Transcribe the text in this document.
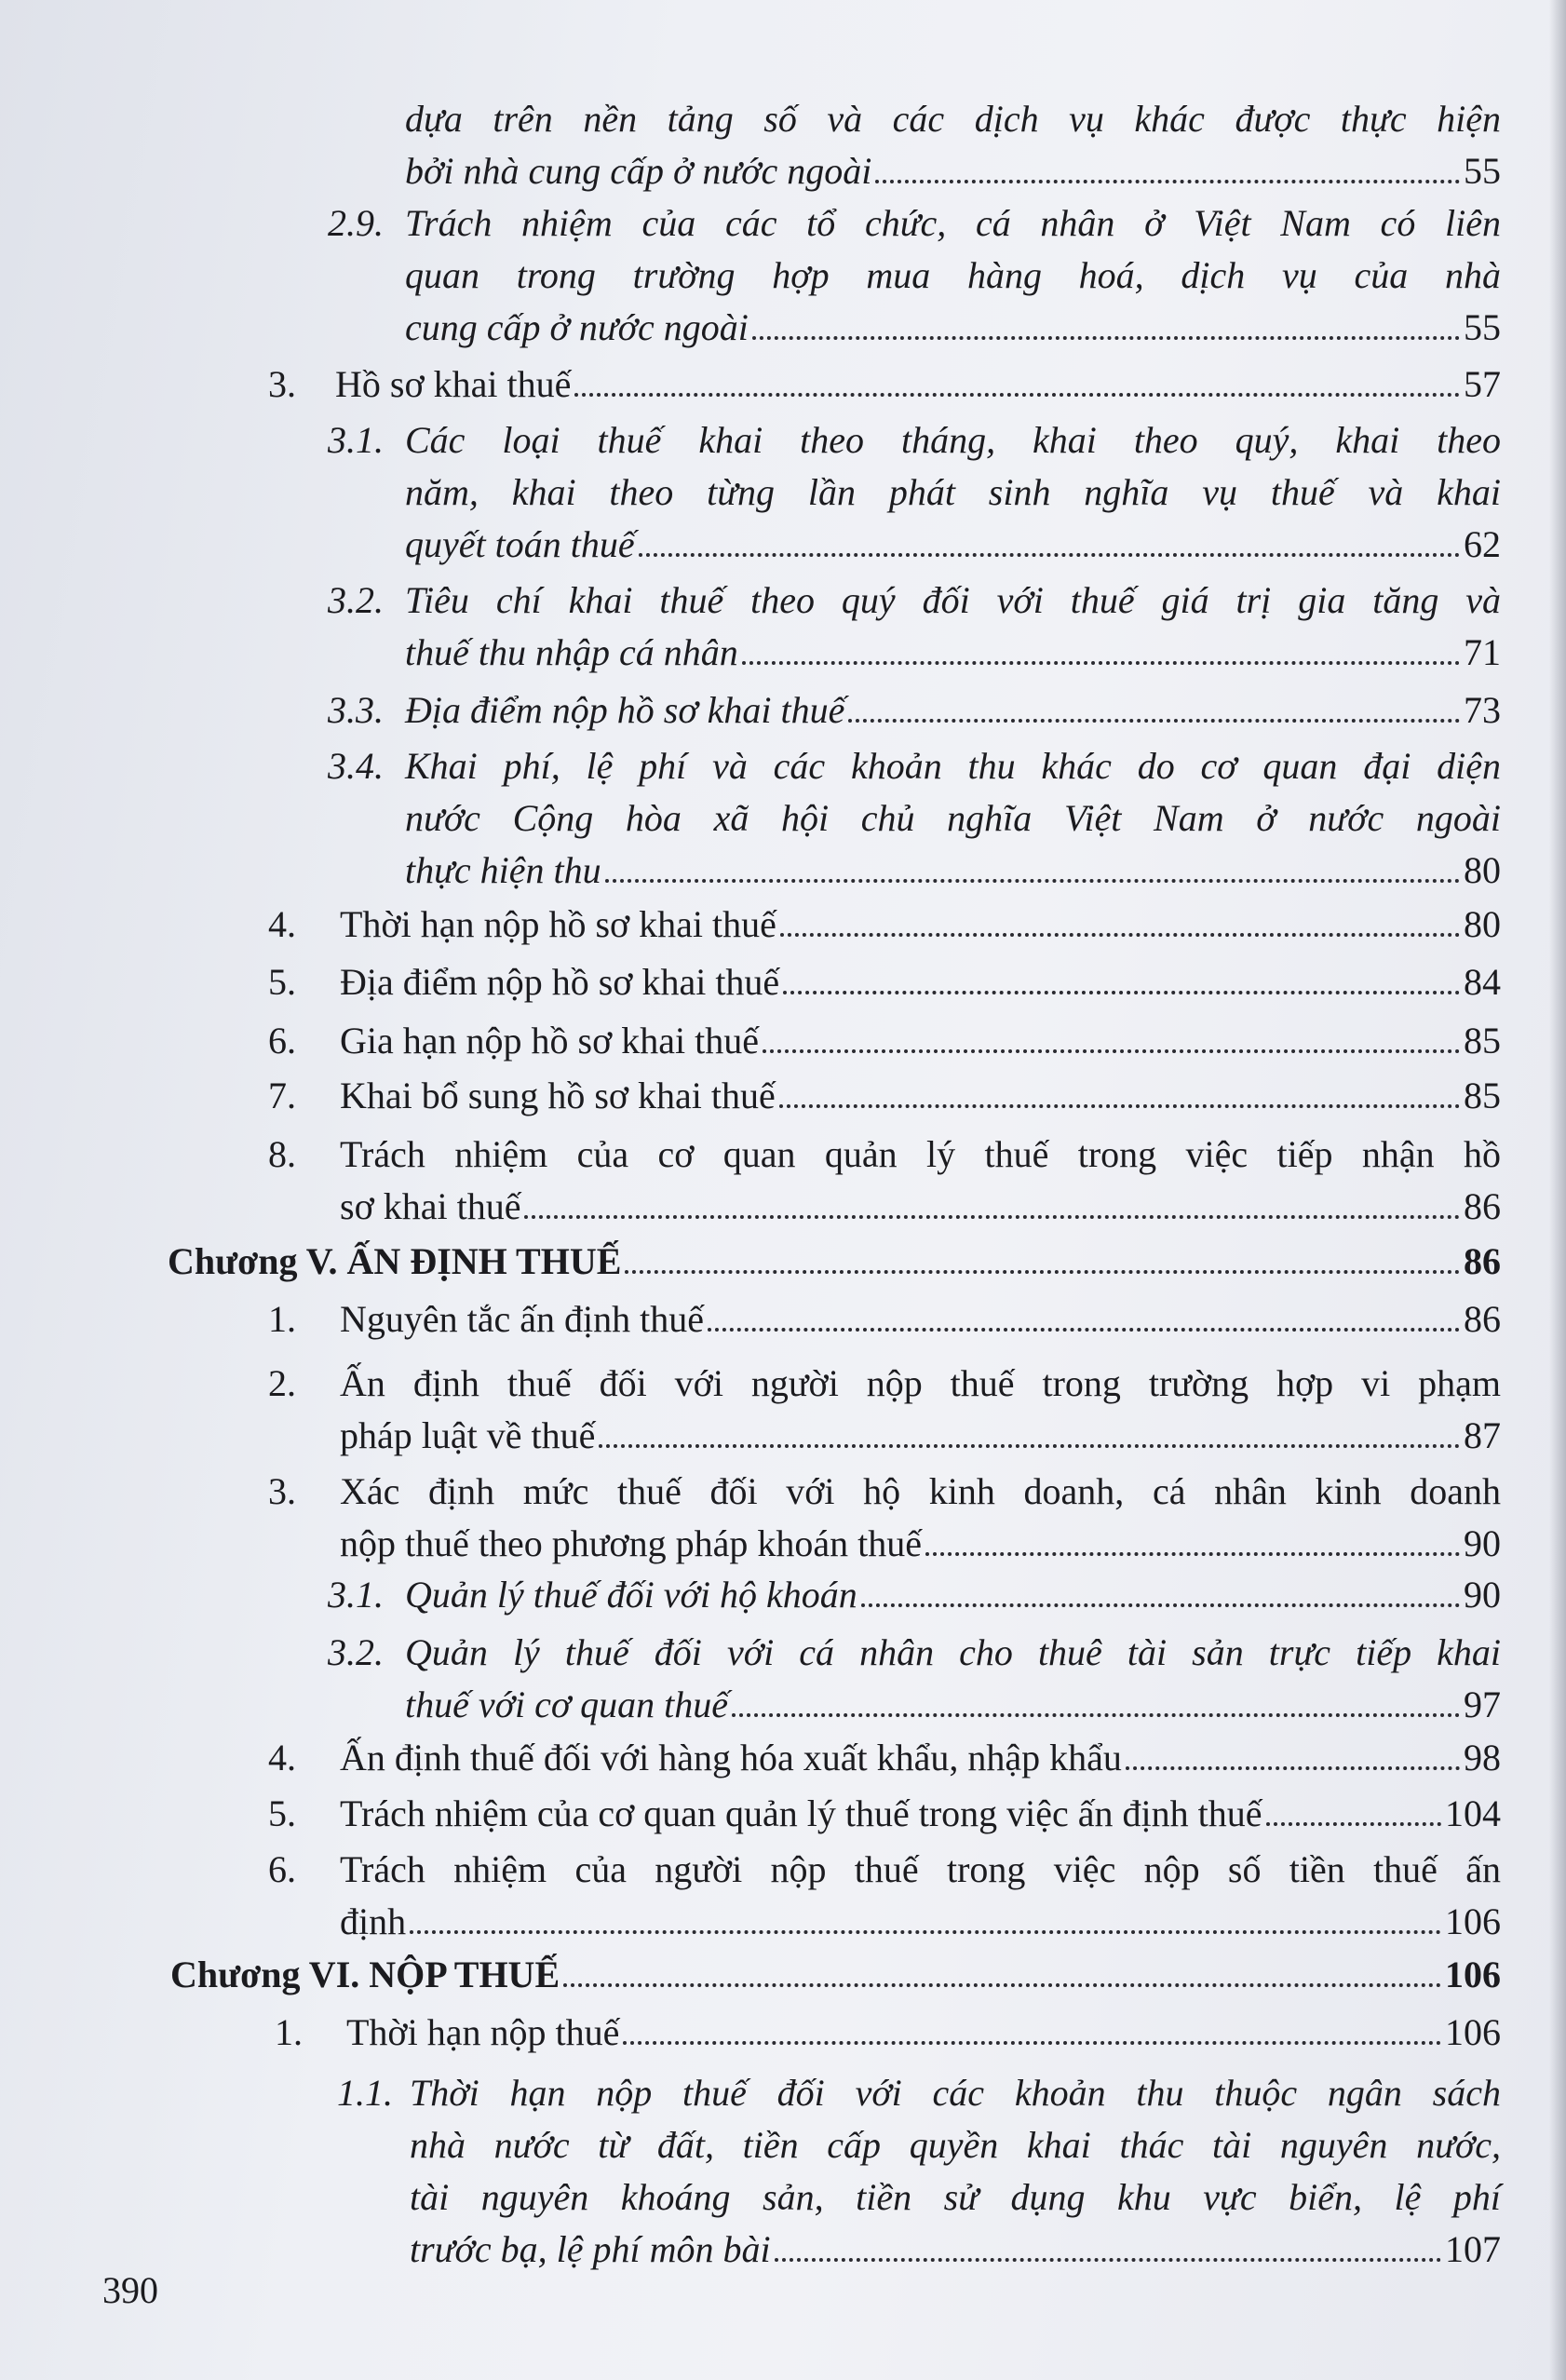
dựa trên nền tảng số và các dịch vụ khác được thực hiện
bởi nhà cung cấp ở nước ngoài	55
2.9. Trách nhiệm của các tổ chức, cá nhân ở Việt Nam có liên
quan trong trường hợp mua hàng hoá, dịch vụ của nhà
cung cấp ở nước ngoài	55
3. Hồ sơ khai thuế	57
3.1. Các loại thuế khai theo tháng, khai theo quý, khai theo
năm, khai theo từng lần phát sinh nghĩa vụ thuế và khai
quyết toán thuế	62
3.2. Tiêu chí khai thuế theo quý đối với thuế giá trị gia tăng và
thuế thu nhập cá nhân	71
3.3. Địa điểm nộp hồ sơ khai thuế	73
3.4. Khai phí, lệ phí và các khoản thu khác do cơ quan đại diện
nước Cộng hòa xã hội chủ nghĩa Việt Nam ở nước ngoài
thực hiện thu	80
4. Thời hạn nộp hồ sơ khai thuế	80
5. Địa điểm nộp hồ sơ khai thuế	84
6. Gia hạn nộp hồ sơ khai thuế	85
7. Khai bổ sung hồ sơ khai thuế	85
8. Trách nhiệm của cơ quan quản lý thuế trong việc tiếp nhận hồ
sơ khai thuế	86
Chương V. ẤN ĐỊNH THUẾ	86
1. Nguyên tắc ấn định thuế	86
2. Ấn định thuế đối với người nộp thuế trong trường hợp vi phạm
pháp luật về thuế	87
3. Xác định mức thuế đối với hộ kinh doanh, cá nhân kinh doanh
nộp thuế theo phương pháp khoán thuế	90
3.1. Quản lý thuế đối với hộ khoán	90
3.2. Quản lý thuế đối với cá nhân cho thuê tài sản trực tiếp khai
thuế với cơ quan thuế	97
4. Ấn định thuế đối với hàng hóa xuất khẩu, nhập khẩu	98
5. Trách nhiệm của cơ quan quản lý thuế trong việc ấn định thuế	104
6. Trách nhiệm của người nộp thuế trong việc nộp số tiền thuế ấn
định	106
Chương VI. NỘP THUẾ	106
1. Thời hạn nộp thuế	106
1.1. Thời hạn nộp thuế đối với các khoản thu thuộc ngân sách
nhà nước từ đất, tiền cấp quyền khai thác tài nguyên nước,
tài nguyên khoáng sản, tiền sử dụng khu vực biển, lệ phí
trước bạ, lệ phí môn bài	107
390
